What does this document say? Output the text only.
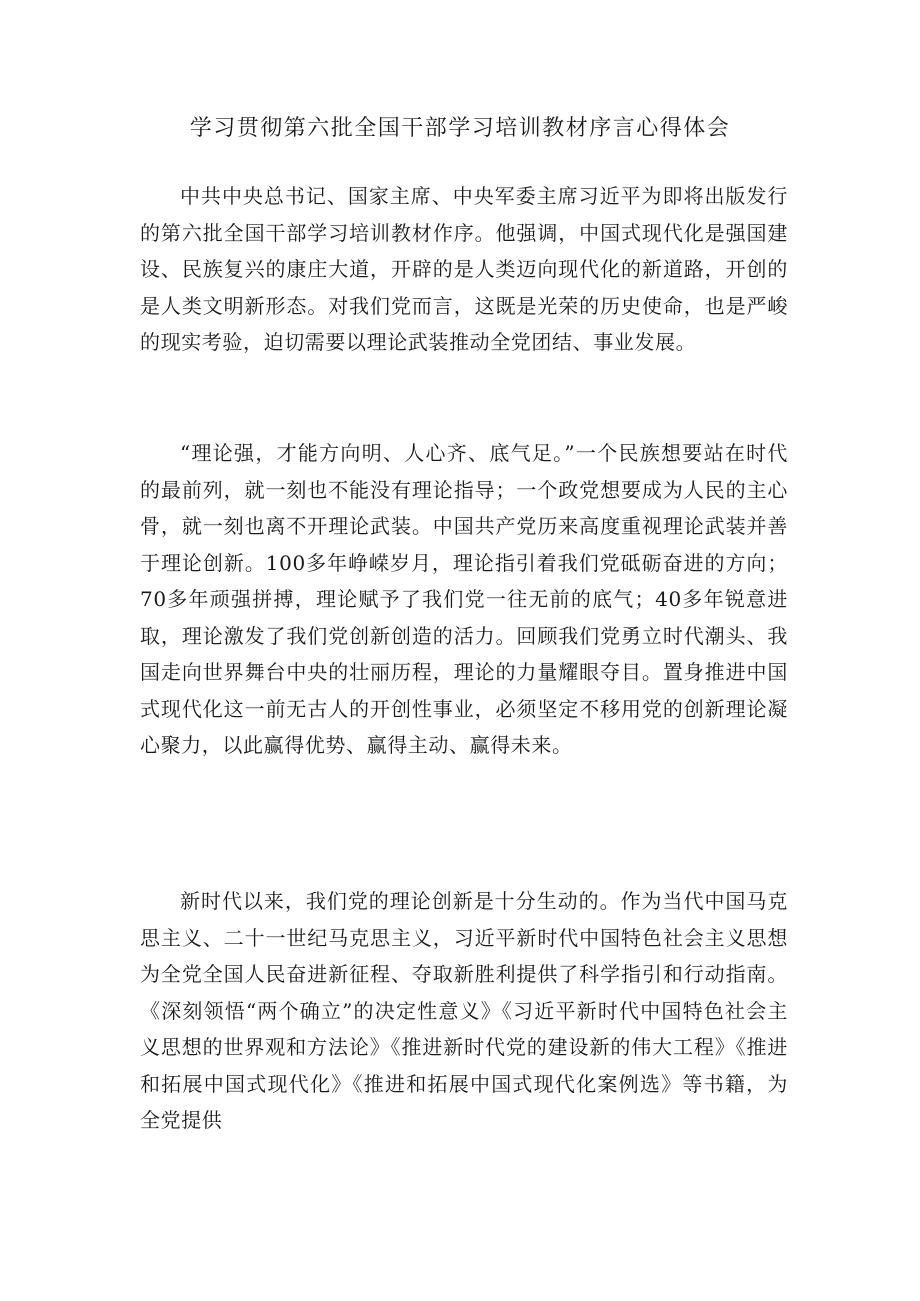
学习贯彻第六批全国干部学习培训教材序言心得体会

中共中央总书记、国家主席、中央军委主席习近平为即将出版发行的第六批全国干部学习培训教材作序。他强调，中国式现代化是强国建设、民族复兴的康庄大道，开辟的是人类迈向现代化的新道路，开创的是人类文明新形态。对我们党而言，这既是光荣的历史使命，也是严峻的现实考验，迫切需要以理论武装推动全党团结、事业发展。

“理论强，才能方向明、人心齐、底气足。”一个民族想要站在时代的最前列，就一刻也不能没有理论指导；一个政党想要成为人民的主心骨，就一刻也离不开理论武装。中国共产党历来高度重视理论武装并善于理论创新。100多年峥嵘岁月，理论指引着我们党砥砺奋进的方向；70多年顽强拼搏，理论赋予了我们党一往无前的底气；40多年锐意进取，理论激发了我们党创新创造的活力。回顾我们党勇立时代潮头、我国走向世界舞台中央的壮丽历程，理论的力量耀眼夺目。置身推进中国式现代化这一前无古人的开创性事业，必须坚定不移用党的创新理论凝心聚力，以此赢得优势、赢得主动、赢得未来。

新时代以来，我们党的理论创新是十分生动的。作为当代中国马克思主义、二十一世纪马克思主义，习近平新时代中国特色社会主义思想为全党全国人民奋进新征程、夺取新胜利提供了科学指引和行动指南。《深刻领悟“两个确立”的决定性意义》《习近平新时代中国特色社会主义思想的世界观和方法论》《推进新时代党的建设新的伟大工程》《推进和拓展中国式现代化》《推进和拓展中国式现代化案例选》等书籍，为全党提供
